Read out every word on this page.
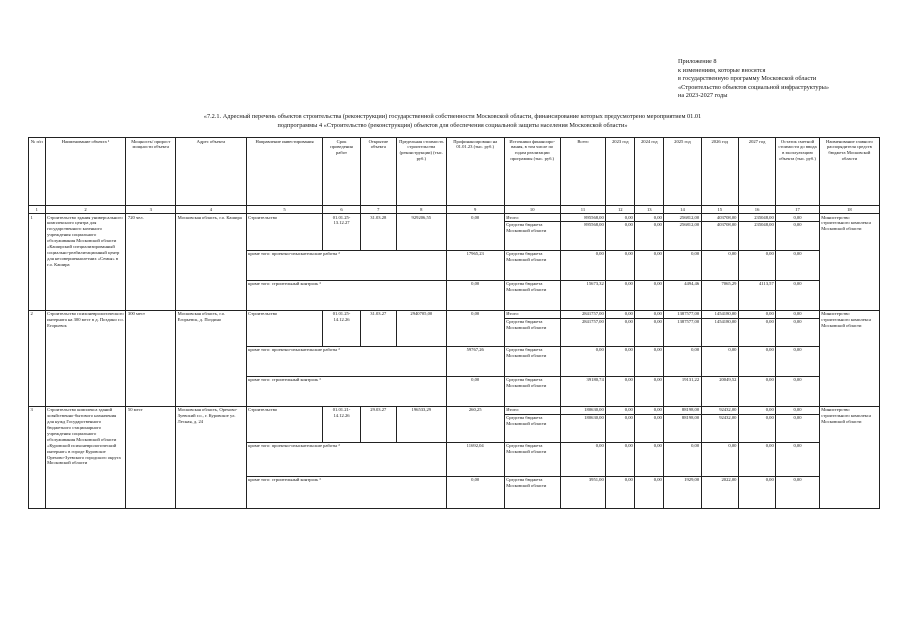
Приложение 8
к изменениям, которые вносятся
в государственную программу Московской области
«Строительство объектов социальной инфраструктуры»
на 2023-2027 годы
«7.2.1. Адресный перечень объектов строительства (реконструкции) государственной собственности Московской области, финансирование которых предусмотрено мероприятием 01.01
подпрограммы 4 «Строительство (реконструкция) объектов для обеспечения социальной защиты населения Московской области»
№ п/п	Наименование объекта ¹	Мощность/ прирост мощности объекта	Адрес объекта	Направление инвестирования	Срок проведения работ	Открытие объекта	Предельная стоимость строительства (реконструкции) (тыс. руб.)	Профинансировано на 01.01.23 (тыс. руб.)	Источники финансиро-вания, в том числе по годам реализации программы (тыс. руб.)	Всего	2023 год	2024 год	2025 год	2026 год	2027 год	Остаток сметной стоимости до ввода в эксплуатацию объекта (тыс. руб.)	Наименование главного распорядителя средств бюджета Московской области
1	2	3	4	5	6	7	8	9	10	11	12	13	14	15	16	17	18
1	Строительство здания универсального комплексного центра для государственного казенного учреждения социального обслуживания Московской области «Каширский специализированный социально-реабилитационный центр для несовершеннолетних «Семья» в г.о. Кашира	720 чел.	Московская область, г.о. Кашира	Строительство	01.01.25-13.12.27	31.03.28	929206,55	0,00	Итого:	895568,00	0,00	0,00	256812,00	403708,00	235048,00	0,00	Министерство строительного комплекса Московской области
									Средства бюджета Московской области	895568,00	0,00	0,00	256812,00	403708,00	235048,00	0,00	
				кроме того: проектно-изыскательские работы ²				17965,23	Средства бюджета Московской области	0,00	0,00	0,00	0,00	0,00	0,00	0,00	
				кроме того: строительный контроль ³				0,00	Средства бюджета Московской области	15673,32	0,00	0,00	4494,46	7065,29	4113,57	0,00	
2	Строительство психоневрологического интерната на 300 мест в д. Поздино г.о. Егорьевск	300 мест	Московская область, г.о. Егорьевск, д. Поздино	Строительство	01.01.25-14.12.26	31.03.27	2940705,00	0,00	Итого:	2841757,00	0,00	0,00	1387577,00	1454180,00	0,00	0,00	Министерство строительного комплекса Московской области
									Средства бюджета Московской области	2841757,00	0,00	0,00	1387577,00	1454180,00	0,00	0,00	
				кроме того: проектно-изыскательские работы ²				59767,26	Средства бюджета Московской области	0,00	0,00	0,00	0,00	0,00	0,00	0,00	
				кроме того: строительный контроль ³				0,00	Средства бюджета Московской области	39180,74	0,00	0,00	19131,22	20049,52	0,00	0,00	
3	Строительство комплекса зданий хозяйственно-бытового назначения для нужд Государственного бюджетного стационарного учреждения социального обслуживания Московской области «Куровской психоневрологический интернат» в городе Куровское Орехово-Зуевского городского округа Московской области	50 мест	Московская область, Орехово-Зуевский г.о., г. Куровское ул. Лесная, д. 24	Строительство	01.01.21-14.12.26	29.03.27	196533,29	260,25	Итого:	180630,00	0,00	0,00	88198,00	92432,00	0,00	0,00	Министерство строительного комплекса Московской области
									Средства бюджета Московской области	180630,00	0,00	0,00	88198,00	92432,00	0,00	0,00	
				кроме того: проектно-изыскательские работы ²				11692,04	Средства бюджета Московской области	0,00	0,00	0,00	0,00	0,00	0,00	0,00	
				кроме того: строительный контроль ³				0,00	Средства бюджета Московской области	3951,00	0,00	0,00	1929,00	2022,00	0,00	0,00	
